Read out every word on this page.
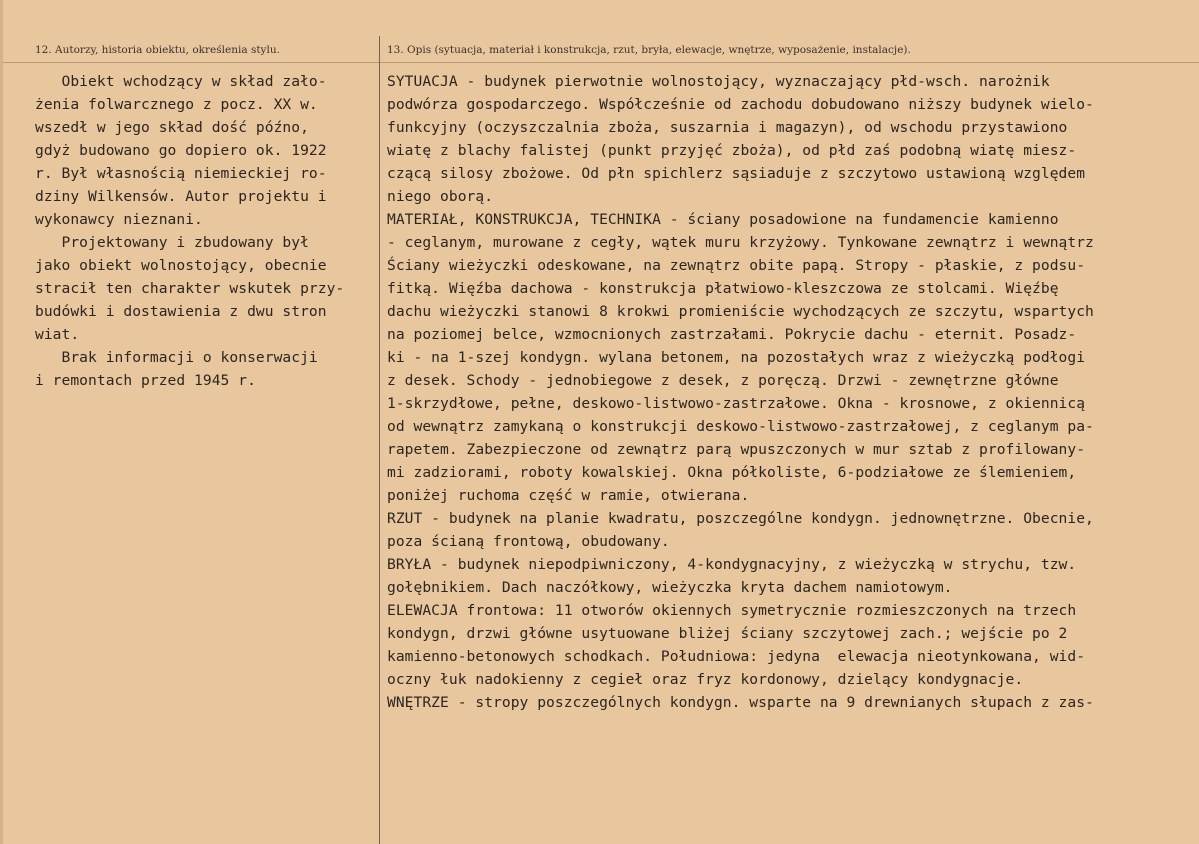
12. Autorzy, historia obiektu, określenia stylu.	13. Opis (sytuacja, materiał i konstrukcja, rzut, bryła, elewacje, wnętrze, wyposażenie, instalacje).
Obiekt wchodzący w skład zało-
żenia folwarcznego z pocz. XX w.
wszedł w jego skład dość późno,
gdyż budowano go dopiero ok. 1922
r. Był własnością niemieckiej ro-
dziny Wilkensów. Autor projektu i
wykonawcy nieznani.
Projektowany i zbudowany był
jako obiekt wolnostojący, obecnie
stracił ten charakter wskutek przy-
budówki i dostawienia z dwu stron
wiat.
Brak informacji o konserwacji
i remontach przed 1945 r.
SYTUACJA - budynek pierwotnie wolnostojący, wyznaczający płd-wsch. narożnik
podwórza gospodarczego. Współcześnie od zachodu dobudowano niższy budynek wielo-
funkcyjny (oczyszczalnia zboża, suszarnia i magazyn), od wschodu przystawiono
wiatę z blachy falistej (punkt przyjęć zboża), od płd zaś podobną wiatę miesz-
czącą silosy zbożowe. Od płn spichlerz sąsiaduje z szczytowo ustawioną względem
niego oborą.
MATERIAŁ, KONSTRUKCJA, TECHNIKA - ściany posadowione na fundamencie kamienno
- ceglanym, murowane z cegły, wątek muru krzyżowy. Tynkowane zewnątrz i wewnątrz
Ściany wieżyczki odeskowane, na zewnątrz obite papą. Stropy - płaskie, z podsu-
fitką. Więźba dachowa - konstrukcja płatwiowo-kleszczowa ze stolcami. Więźbę
dachu wieżyczki stanowi 8 krokwi promieniście wychodzących ze szczytu, wspartych
na poziomej belce, wzmocnionych zastrzałami. Pokrycie dachu - eternit. Posadz-
ki - na 1-szej kondygn. wylana betonem, na pozostałych wraz z wieżyczką podłogi
z desek. Schody - jednobiegowe z desek, z poręczą. Drzwi - zewnętrzne główne
1-skrzydłowe, pełne, deskowo-listwowo-zastrzałowe. Okna - krosnowe, z okiennicą
od wewnątrz zamykaną o konstrukcji deskowo-listwowo-zastrzałowej, z ceglanym pa-
rapetem. Zabezpieczone od zewnątrz parą wpuszczonych w mur sztab z profilowany-
mi zadziorami, roboty kowalskiej. Okna półkoliste, 6-podziałowe ze ślemieniem,
poniżej ruchoma część w ramie, otwierana.
RZUT - budynek na planie kwadratu, poszczególne kondygn. jednownętrzne. Obecnie,
poza ścianą frontową, obudowany.
BRYŁA - budynek niepodpiwniczony, 4-kondygnacyjny, z wieżyczką w strychu, tzw.
gołębnikiem. Dach naczółkowy, wieżyczka kryta dachem namiotowym.
ELEWACJA frontowa: 11 otworów okiennych symetrycznie rozmieszczonych na trzech
kondygn, drzwi główne usytuowane bliżej ściany szczytowej zach.; wejście po 2
kamienno-betonowych schodkach. Południowa: jedyna  elewacja nieotynkowana, wid-
oczny łuk nadokienny z cegieł oraz fryz kordonowy, dzielący kondygnacje.
WNĘTRZE - stropy poszczególnych kondygn. wsparte na 9 drewnianych słupach z zas-
